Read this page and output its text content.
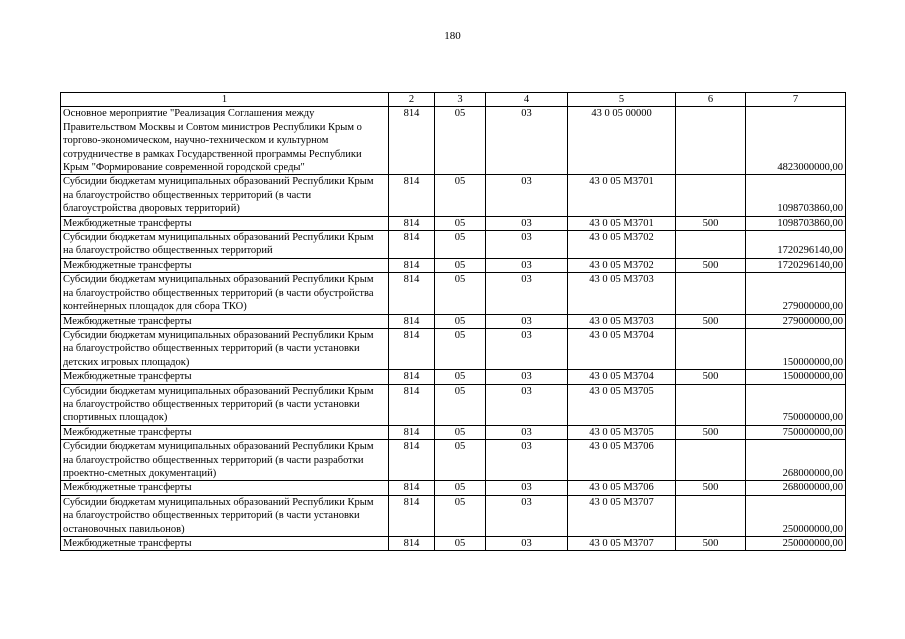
180
1	2	3	4	5	6	7
Основное мероприятие "Реализация Соглашения между Правительством Москвы и Совтом министров Республики Крым о торгово-экономическом, научно-техническом и культурном сотрудничестве в рамках Государственной программы Республики Крым "Формирование современной городской среды"	814	05	03	43 0 05 00000		4823000000,00
Субсидии бюджетам муниципальных образований Республики Крым на благоустройство общественных территорий (в части благоустройства дворовых территорий)	814	05	03	43 0 05 М3701		1098703860,00
Межбюджетные трансферты	814	05	03	43 0 05 М3701	500	1098703860,00
Субсидии бюджетам муниципальных образований Республики Крым на благоустройство общественных территорий	814	05	03	43 0 05 М3702		1720296140,00
Межбюджетные трансферты	814	05	03	43 0 05 М3702	500	1720296140,00
Субсидии бюджетам муниципальных образований Республики Крым на благоустройство общественных территорий (в части обустройства контейнерных площадок для сбора ТКО)	814	05	03	43 0 05 М3703		279000000,00
Межбюджетные трансферты	814	05	03	43 0 05 М3703	500	279000000,00
Субсидии бюджетам муниципальных образований Республики Крым на благоустройство общественных территорий (в части установки детских игровых площадок)	814	05	03	43 0 05 М3704		150000000,00
Межбюджетные трансферты	814	05	03	43 0 05 М3704	500	150000000,00
Субсидии бюджетам муниципальных образований Республики Крым на благоустройство общественных территорий (в части установки спортивных площадок)	814	05	03	43 0 05 М3705		750000000,00
Межбюджетные трансферты	814	05	03	43 0 05 М3705	500	750000000,00
Субсидии бюджетам муниципальных образований Республики Крым на благоустройство общественных территорий (в части разработки проектно-сметных документаций)	814	05	03	43 0 05 М3706		268000000,00
Межбюджетные трансферты	814	05	03	43 0 05 М3706	500	268000000,00
Субсидии бюджетам муниципальных образований Республики Крым на благоустройство общественных территорий (в части установки остановочных павильонов)	814	05	03	43 0 05 М3707		250000000,00
Межбюджетные трансферты	814	05	03	43 0 05 М3707	500	250000000,00
